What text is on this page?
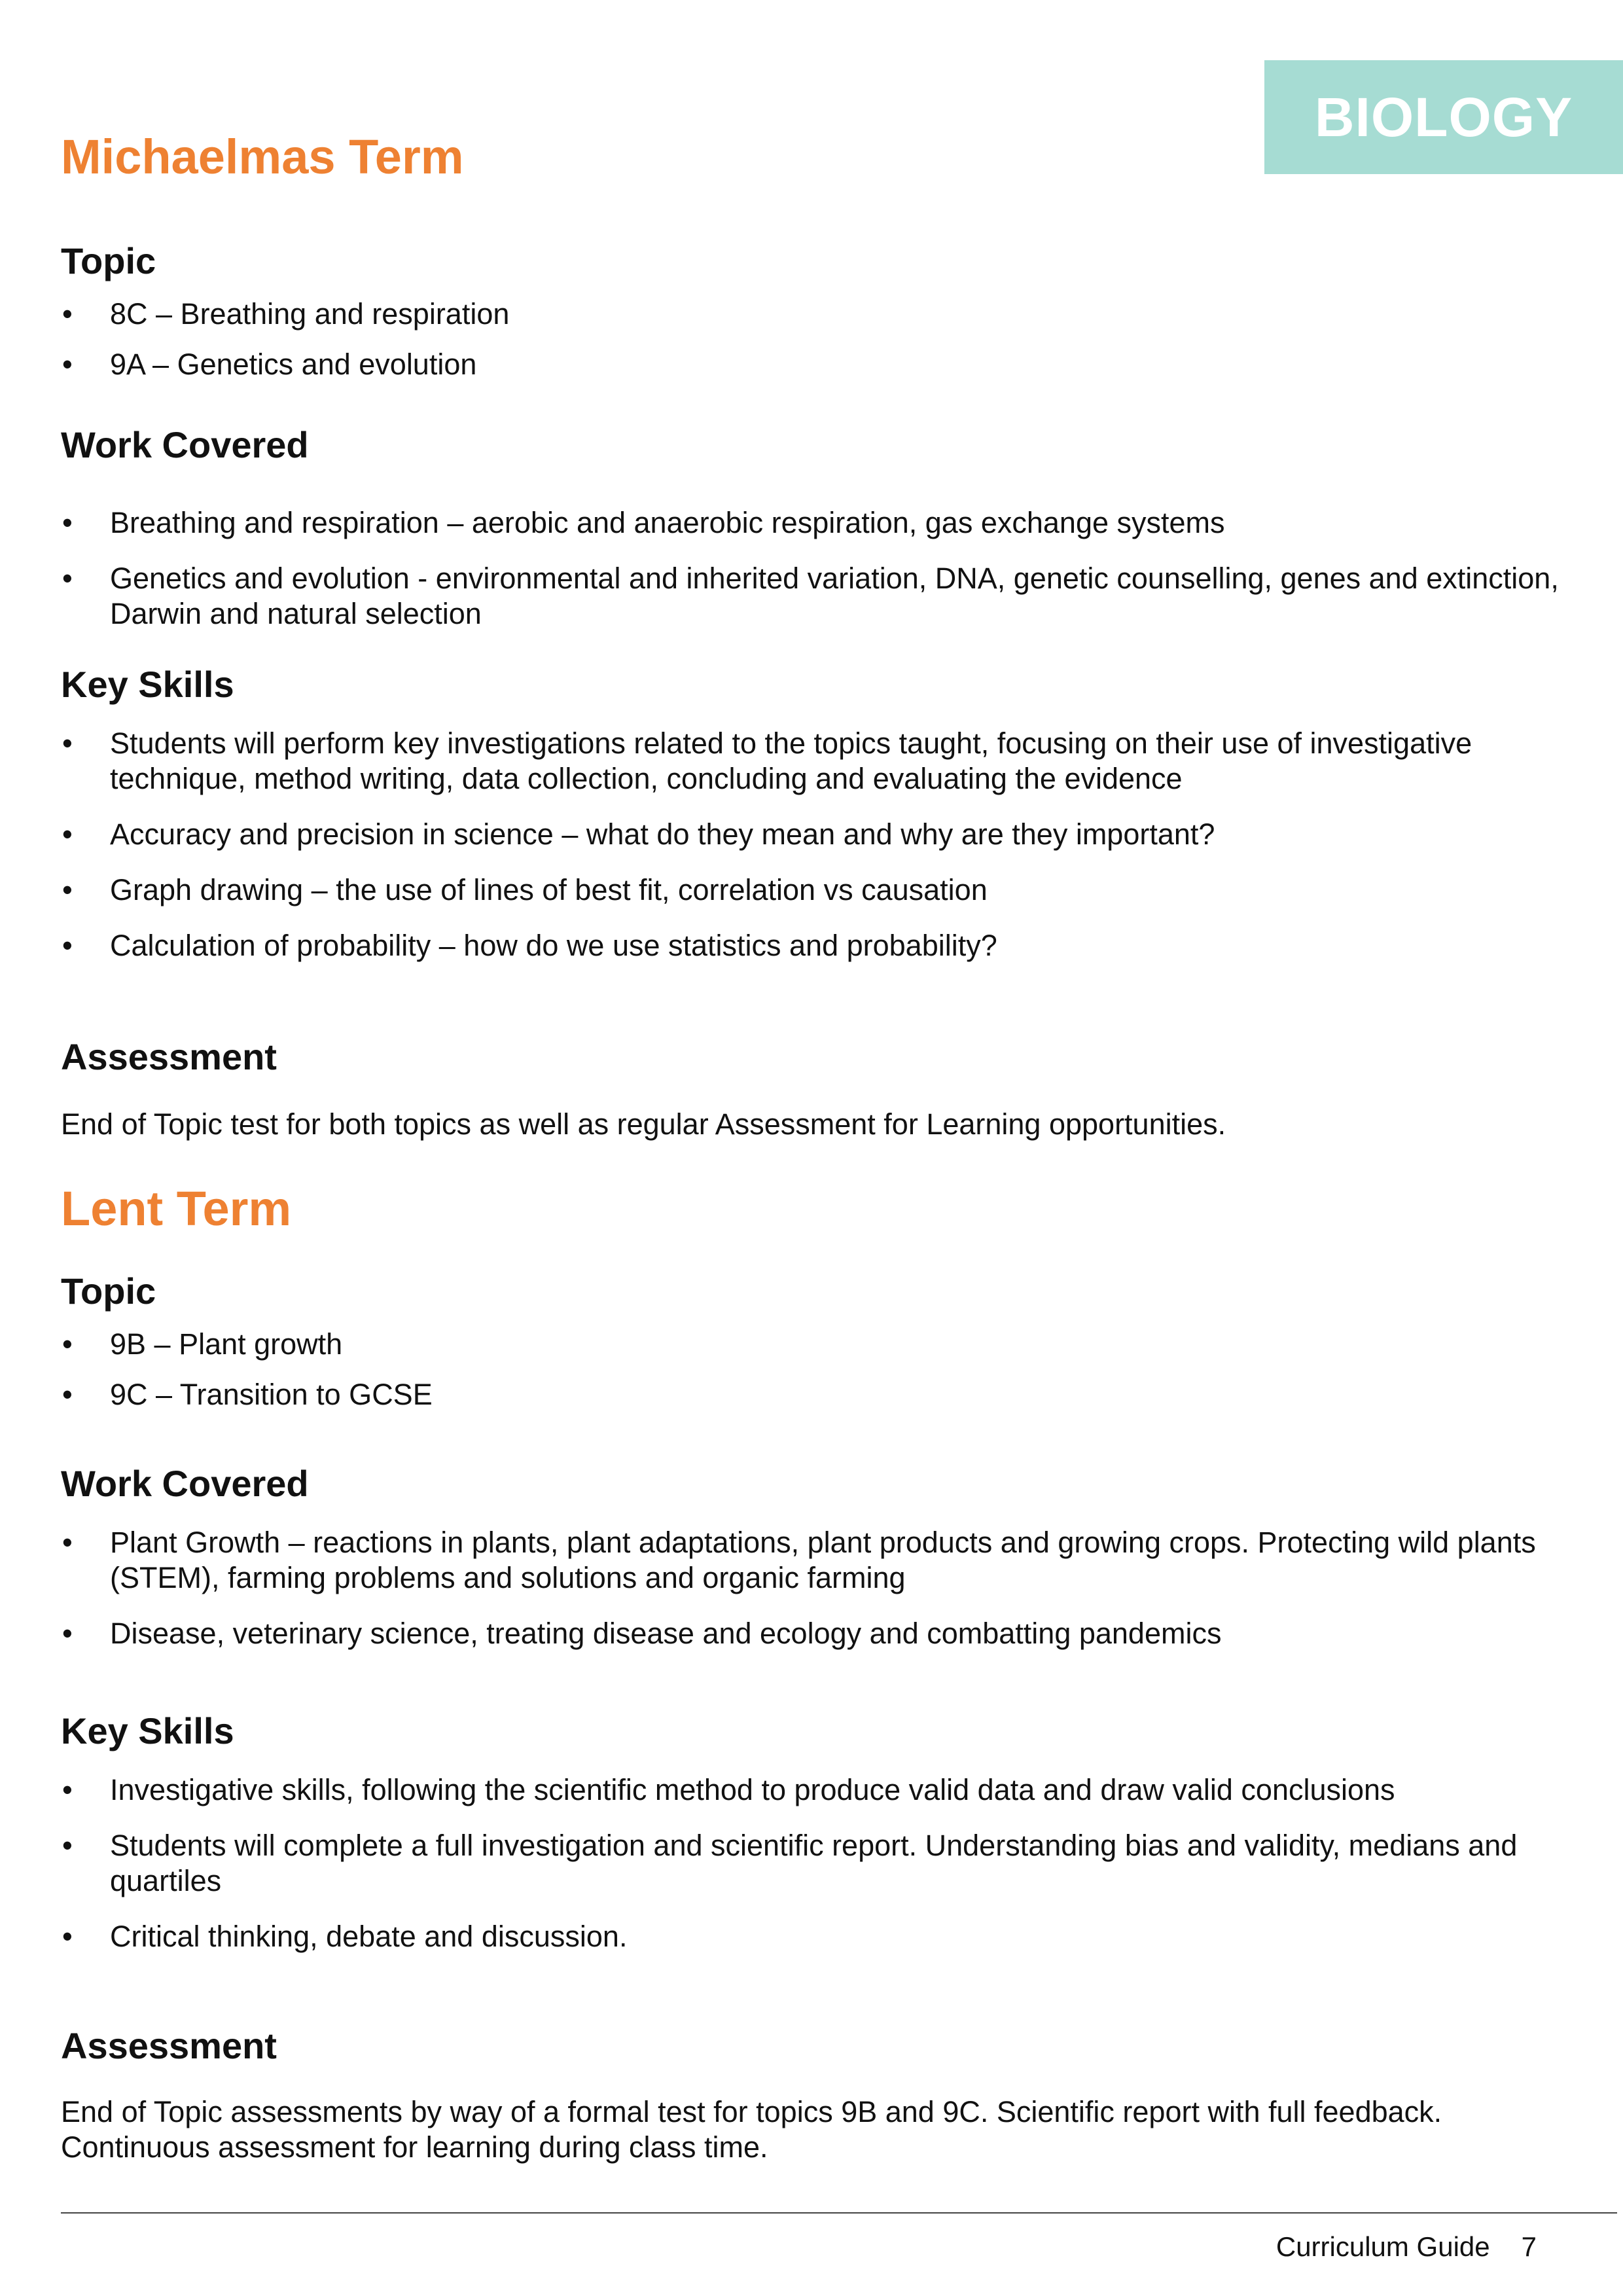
BIOLOGY
Michaelmas Term
Topic
• 8C – Breathing and respiration
• 9A – Genetics and evolution
Work Covered
• Breathing and respiration – aerobic and anaerobic respiration, gas exchange systems
• Genetics and evolution - environmental and inherited variation, DNA, genetic counselling, genes and extinction, Darwin and natural selection
Key Skills
• Students will perform key investigations related to the topics taught, focusing on their use of investigative technique, method writing, data collection, concluding and evaluating the evidence
• Accuracy and precision in science – what do they mean and why are they important?
• Graph drawing – the use of lines of best fit, correlation vs causation
• Calculation of probability – how do we use statistics and probability?
Assessment

End of Topic test for both topics as well as regular Assessment for Learning opportunities.

Lent Term
Topic
• 9B – Plant growth
• 9C – Transition to GCSE
Work Covered
• Plant Growth – reactions in plants, plant adaptations, plant products and growing crops. Protecting wild plants (STEM), farming problems and solutions and organic farming
• Disease, veterinary science, treating disease and ecology and combatting pandemics
Key Skills
• Investigative skills, following the scientific method to produce valid data and draw valid conclusions
• Students will complete a full investigation and scientific report. Understanding bias and validity, medians and quartiles
• Critical thinking, debate and discussion.
Assessment

End of Topic assessments by way of a formal test for topics 9B and 9C. Scientific report with full feedback. Continuous assessment for learning during class time.

Curriculum Guide 7
